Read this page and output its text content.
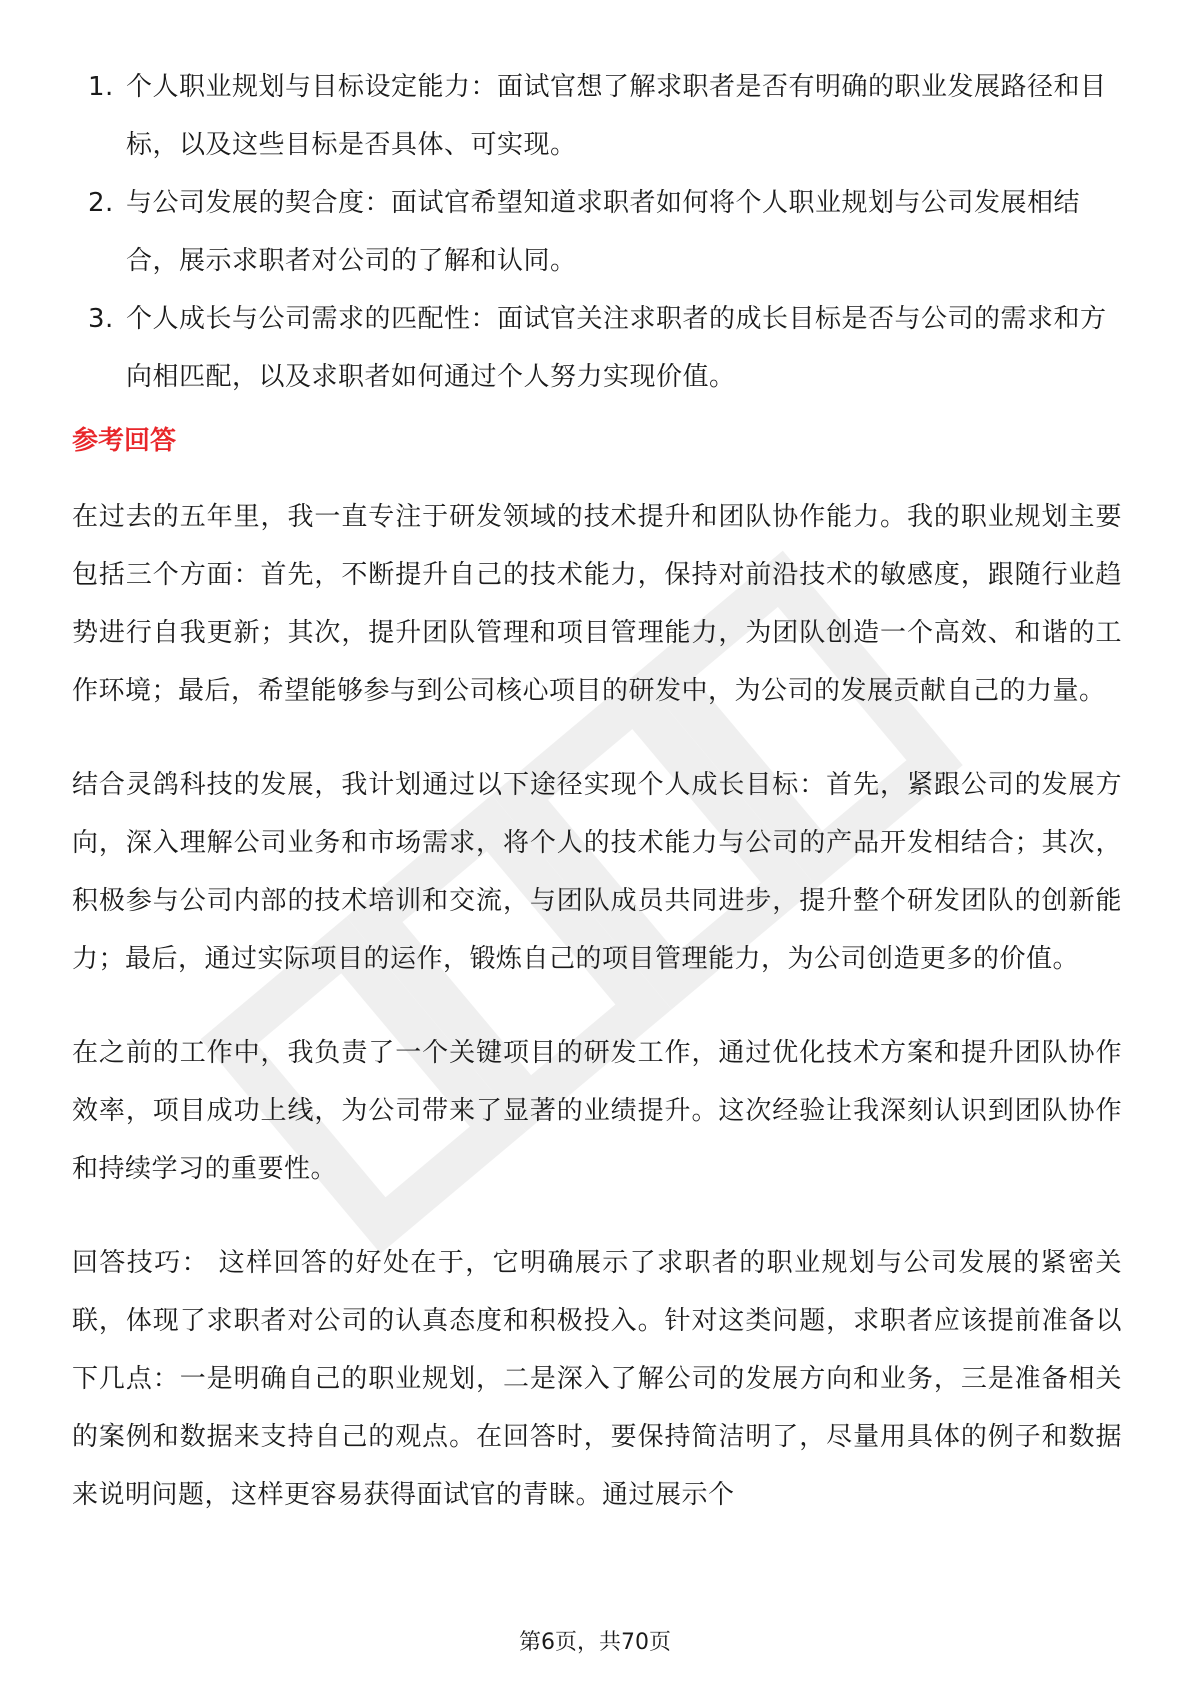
1. 个人职业规划与目标设定能力：面试官想了解求职者是否有明确的职业发展路径和目标，以及这些目标是否具体、可实现。
2. 与公司发展的契合度：面试官希望知道求职者如何将个人职业规划与公司发展相结合，展示求职者对公司的了解和认同。
3. 个人成长与公司需求的匹配性：面试官关注求职者的成长目标是否与公司的需求和方向相匹配，以及求职者如何通过个人努力实现价值。
参考回答

在过去的五年里，我一直专注于研发领域的技术提升和团队协作能力。我的职业规划主要包括三个方面：首先，不断提升自己的技术能力，保持对前沿技术的敏感度，跟随行业趋势进行自我更新；其次，提升团队管理和项目管理能力，为团队创造一个高效、和谐的工作环境；最后，希望能够参与到公司核心项目的研发中，为公司的发展贡献自己的力量。

结合灵鸽科技的发展，我计划通过以下途径实现个人成长目标：首先，紧跟公司的发展方向，深入理解公司业务和市场需求，将个人的技术能力与公司的产品开发相结合；其次，积极参与公司内部的技术培训和交流，与团队成员共同进步，提升整个研发团队的创新能力；最后，通过实际项目的运作，锻炼自己的项目管理能力，为公司创造更多的价值。

在之前的工作中，我负责了一个关键项目的研发工作，通过优化技术方案和提升团队协作效率，项目成功上线，为公司带来了显著的业绩提升。这次经验让我深刻认识到团队协作和持续学习的重要性。

回答技巧： 这样回答的好处在于，它明确展示了求职者的职业规划与公司发展的紧密关联，体现了求职者对公司的认真态度和积极投入。针对这类问题，求职者应该提前准备以下几点：一是明确自己的职业规划，二是深入了解公司的发展方向和业务，三是准备相关的案例和数据来支持自己的观点。在回答时，要保持简洁明了，尽量用具体的例子和数据来说明问题，这样更容易获得面试官的青睐。通过展示个

第6页，共70页
